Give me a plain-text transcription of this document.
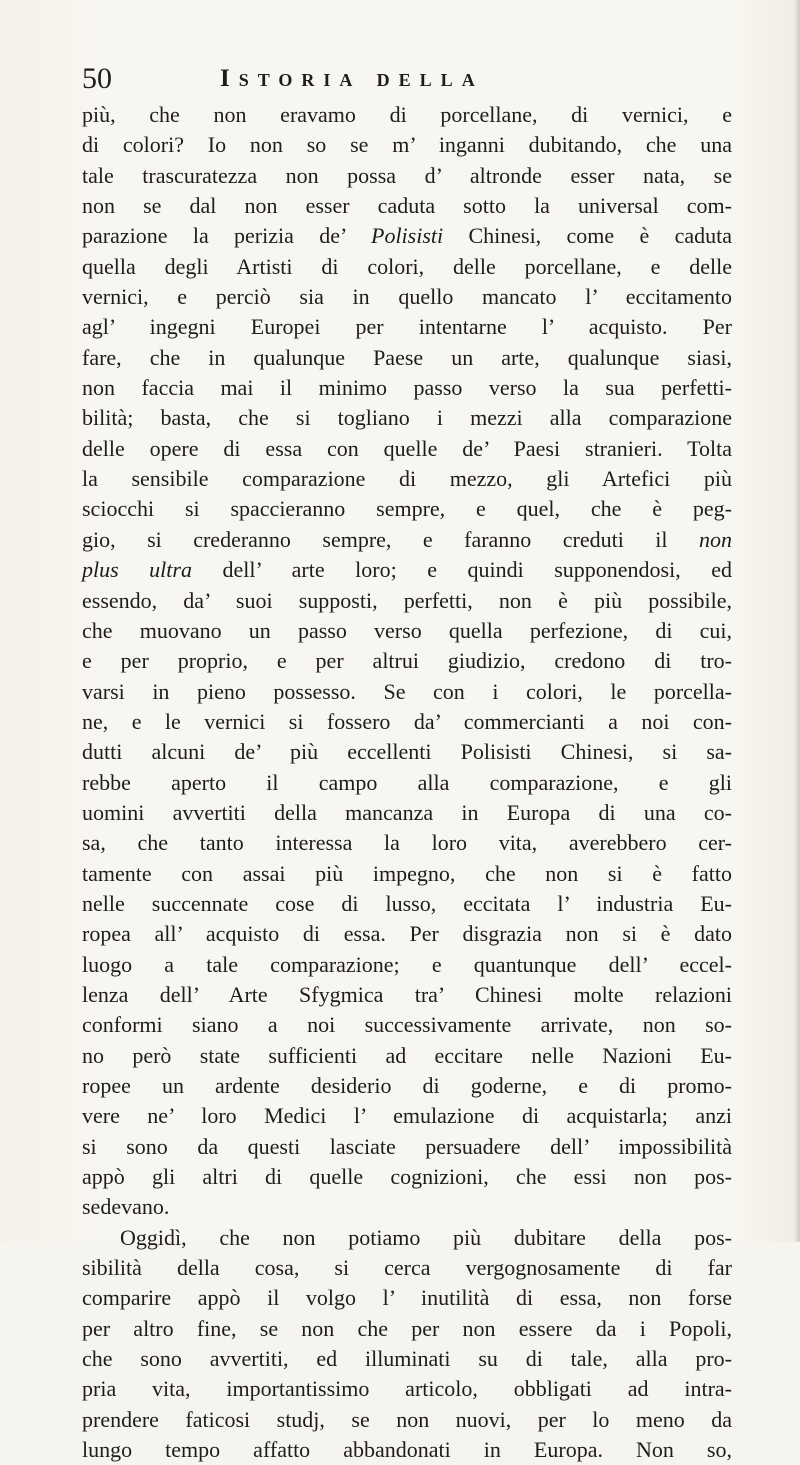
50	Istoria della
più, che non eravamo di porcellane, di vernici, e
di colori? Io non so se m’ inganni dubitando, che una
tale trascuratezza non possa d’ altronde esser nata, se
non se dal non esser caduta sotto la universal com-
parazione la perizia de’ Polisisti Chinesi, come è caduta
quella degli Artisti di colori, delle porcellane, e delle
vernici, e perciò sia in quello mancato l’ eccitamento
agl’ ingegni Europei per intentarne l’ acquisto. Per
fare, che in qualunque Paese un arte, qualunque siasi,
non faccia mai il minimo passo verso la sua perfetti-
bilità; basta, che si togliano i mezzi alla comparazione
delle opere di essa con quelle de’ Paesi stranieri. Tolta
la sensibile comparazione di mezzo, gli Artefici più
sciocchi si spaccieranno sempre, e quel, che è peg-
gio, si crederanno sempre, e faranno creduti il non
plus ultra dell’ arte loro; e quindi supponendosi, ed
essendo, da’ suoi supposti, perfetti, non è più possibile,
che muovano un passo verso quella perfezione, di cui,
e per proprio, e per altrui giudizio, credono di tro-
varsi in pieno possesso. Se con i colori, le porcella-
ne, e le vernici si fossero da’ commercianti a noi con-
dutti alcuni de’ più eccellenti Polisisti Chinesi, si sa-
rebbe aperto il campo alla comparazione, e gli
uomini avvertiti della mancanza in Europa di una co-
sa, che tanto interessa la loro vita, averebbero cer-
tamente con assai più impegno, che non si è fatto
nelle succennate cose di lusso, eccitata l’ industria Eu-
ropea all’ acquisto di essa. Per disgrazia non si è dato
luogo a tale comparazione; e quantunque dell’ eccel-
lenza dell’ Arte Sfygmica tra’ Chinesi molte relazioni
conformi siano a noi successivamente arrivate, non so-
no però state sufficienti ad eccitare nelle Nazioni Eu-
ropee un ardente desiderio di goderne, e di promo-
vere ne’ loro Medici l’ emulazione di acquistarla; anzi
si sono da questi lasciate persuadere dell’ impossibilità
appò gli altri di quelle cognizioni, che essi non pos-
sedevano.
Oggidì, che non potiamo più dubitare della pos-
sibilità della cosa, si cerca vergognosamente di far
comparire appò il volgo l’ inutilità di essa, non forse
per altro fine, se non che per non essere da i Popoli,
che sono avvertiti, ed illuminati su di tale, alla pro-
pria vita, importantissimo articolo, obbligati ad intra-
prendere faticosi studj, se non nuovi, per lo meno da
lungo tempo affatto abbandonati in Europa. Non so,
